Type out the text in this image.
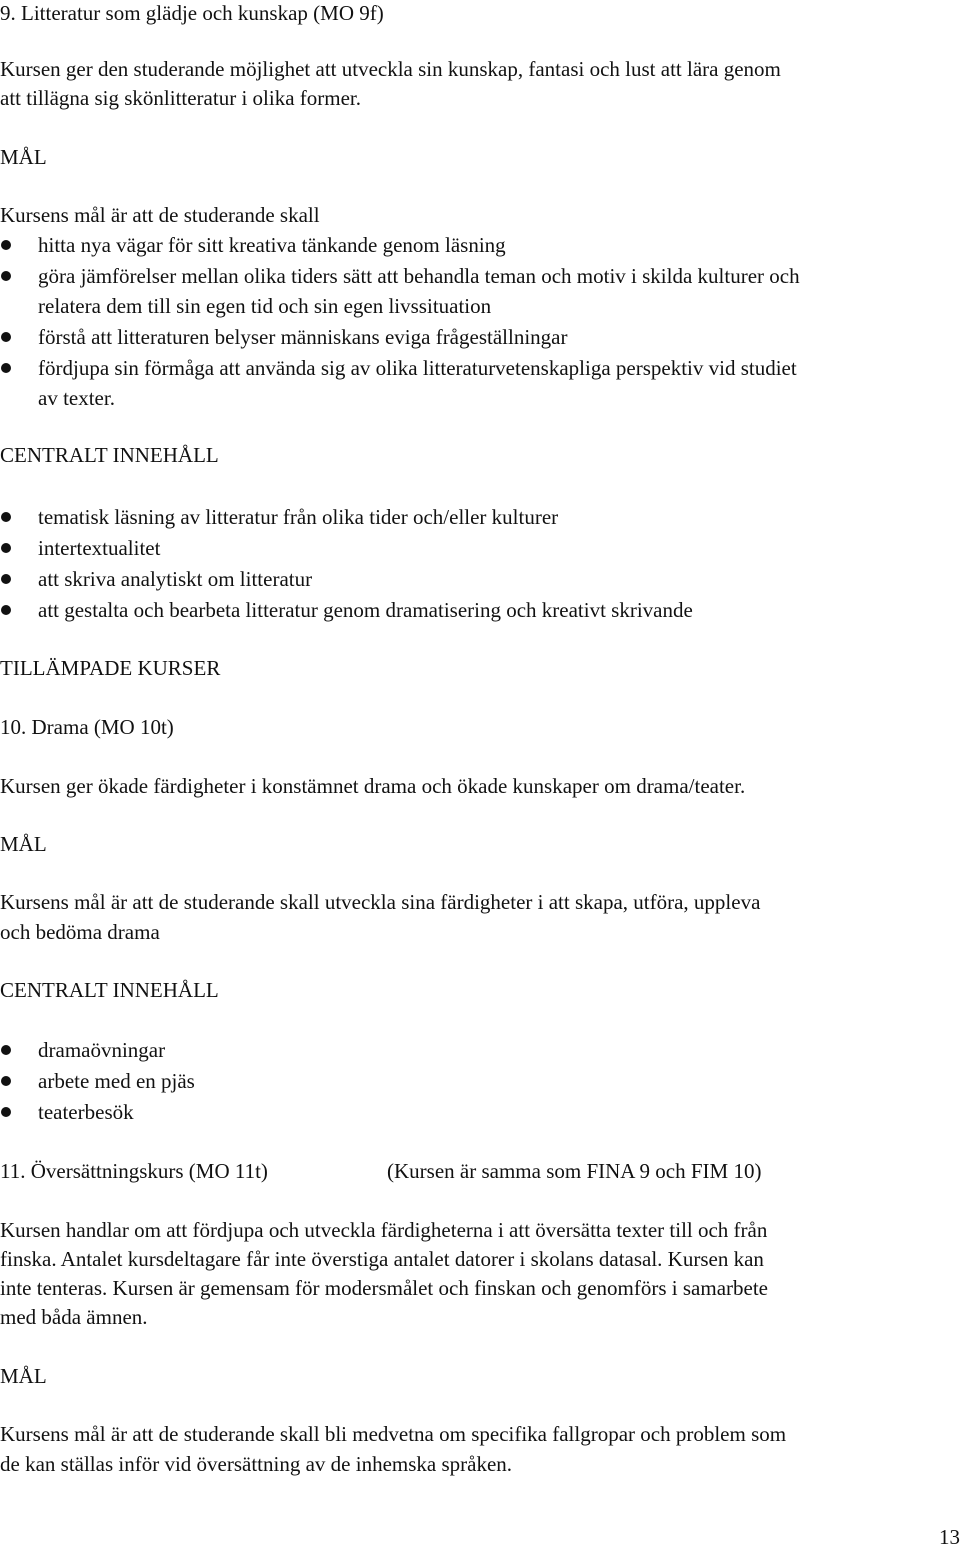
9. Litteratur som glädje och kunskap (MO 9f)

Kursen ger den studerande möjlighet att utveckla sin kunskap, fantasi och lust att lära genom

att tillägna sig skönlitteratur i olika former.

MÅL

Kursens mål är att de studerande skall

hitta nya vägar för sitt kreativa tänkande genom läsning

göra jämförelser mellan olika tiders sätt att behandla teman och motiv i skilda kulturer och

relatera dem till sin egen tid och sin egen livssituation

förstå att litteraturen belyser människans eviga frågeställningar

fördjupa sin förmåga att använda sig av olika litteraturvetenskapliga perspektiv vid studiet

av texter.

CENTRALT INNEHÅLL

tematisk läsning av litteratur från olika tider och/eller kulturer

intertextualitet

att skriva analytiskt om litteratur

att gestalta och bearbeta litteratur genom dramatisering och kreativt skrivande

TILLÄMPADE KURSER

10. Drama (MO 10t)

Kursen ger ökade färdigheter i konstämnet drama och ökade kunskaper om drama/teater.

MÅL

Kursens mål är att de studerande skall utveckla sina färdigheter i att skapa, utföra, uppleva

och bedöma drama

CENTRALT INNEHÅLL

dramaövningar

arbete med en pjäs

teaterbesök

11. Översättningskurs (MO 11t)	(Kursen är samma som FINA 9 och FIM 10)

Kursen handlar om att fördjupa och utveckla färdigheterna i att översätta texter till och från

finska. Antalet kursdeltagare får inte överstiga antalet datorer i skolans datasal. Kursen kan

inte tenteras. Kursen är gemensam för modersmålet och finskan och genomförs i samarbete

med båda ämnen.

MÅL

Kursens mål är att de studerande skall bli medvetna om specifika fallgropar och problem som

de kan ställas inför vid översättning av de inhemska språken.

13
